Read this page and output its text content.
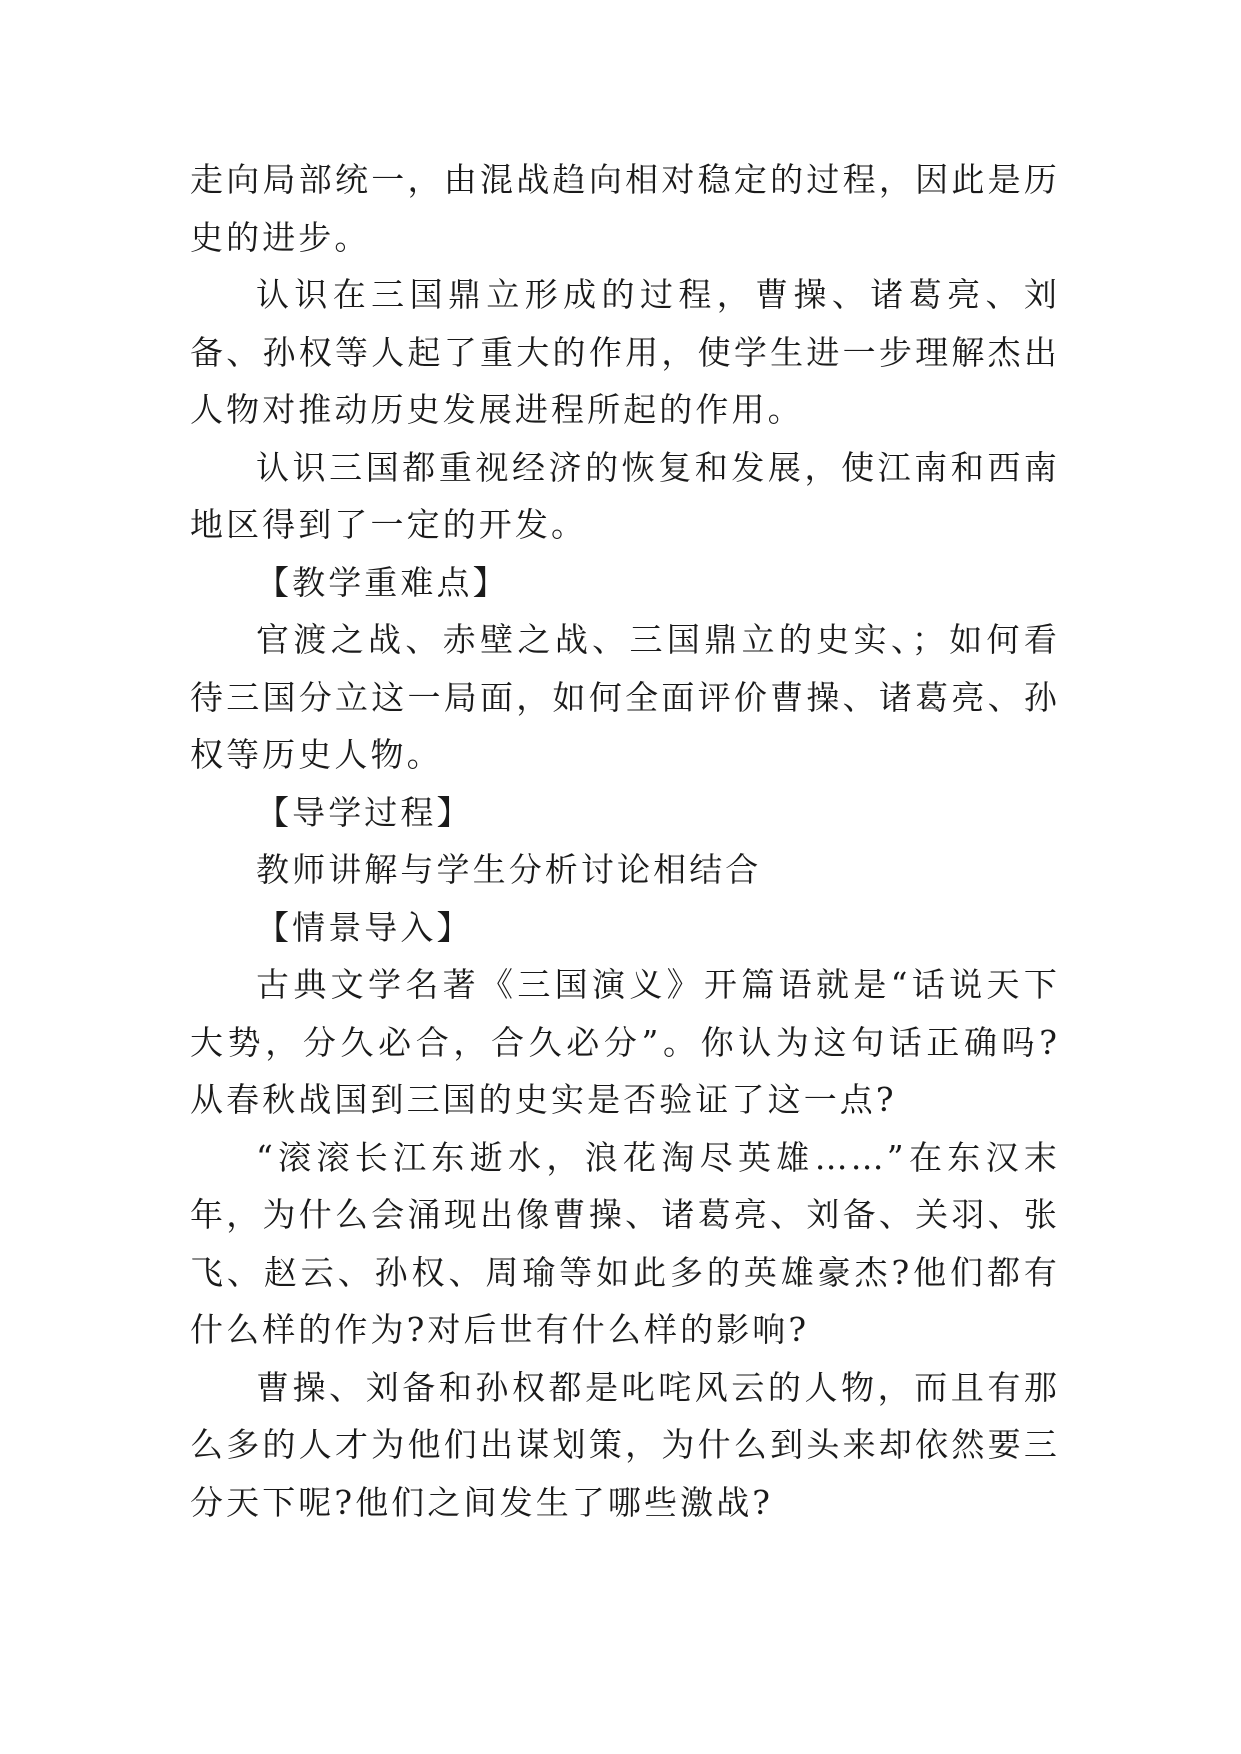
走向局部统一，由混战趋向相对稳定的过程，因此是历史的进步。

认识在三国鼎立形成的过程，曹操、诸葛亮、刘备、孙权等人起了重大的作用，使学生进一步理解杰出人物对推动历史发展进程所起的作用。

认识三国都重视经济的恢复和发展，使江南和西南地区得到了一定的开发。

【教学重难点】

官渡之战、赤壁之战、三国鼎立的史实、；如何看待三国分立这一局面，如何全面评价曹操、诸葛亮、孙权等历史人物。

【导学过程】

教师讲解与学生分析讨论相结合

【情景导入】

古典文学名著《三国演义》开篇语就是“话说天下大势，分久必合，合久必分”。你认为这句话正确吗?从春秋战国到三国的史实是否验证了这一点?

“滚滚长江东逝水，浪花淘尽英雄……”在东汉末年，为什么会涌现出像曹操、诸葛亮、刘备、关羽、张飞、赵云、孙权、周瑜等如此多的英雄豪杰?他们都有什么样的作为?对后世有什么样的影响?

曹操、刘备和孙权都是叱咤风云的人物，而且有那么多的人才为他们出谋划策，为什么到头来却依然要三分天下呢?他们之间发生了哪些激战?
